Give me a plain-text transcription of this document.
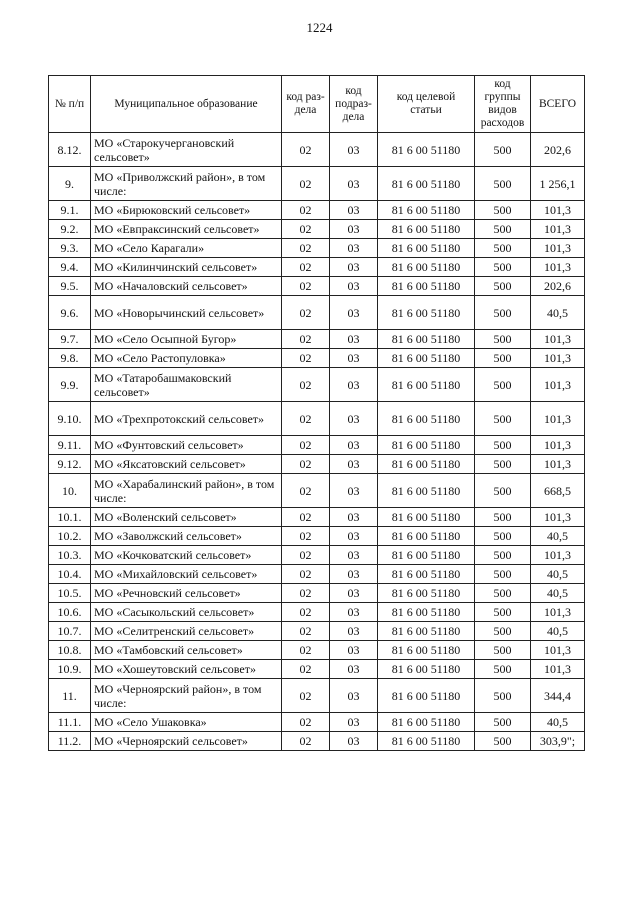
1224
№ п/п	Муниципальное образование	код раз-дела	код подраз-дела	код целевой статьи	код группы видов расходов	ВСЕГО
8.12.	МО «Старокучергановский сельсовет»	02	03	81 6 00 51180	500	202,6
9.	МО «Приволжский район», в том числе:	02	03	81 6 00 51180	500	1 256,1
9.1.	МО «Бирюковский сельсовет»	02	03	81 6 00 51180	500	101,3
9.2.	МО «Евпраксинский сельсовет»	02	03	81 6 00 51180	500	101,3
9.3.	МО «Село Карагали»	02	03	81 6 00 51180	500	101,3
9.4.	МО «Килинчинский сельсовет»	02	03	81 6 00 51180	500	101,3
9.5.	МО «Началовский сельсовет»	02	03	81 6 00 51180	500	202,6
9.6.	МО «Новорычинский сельсовет»	02	03	81 6 00 51180	500	40,5
9.7.	МО «Село Осыпной Бугор»	02	03	81 6 00 51180	500	101,3
9.8.	МО «Село Растопуловка»	02	03	81 6 00 51180	500	101,3
9.9.	МО «Татаробашмаковский сельсовет»	02	03	81 6 00 51180	500	101,3
9.10.	МО «Трехпротокский сельсовет»	02	03	81 6 00 51180	500	101,3
9.11.	МО «Фунтовский сельсовет»	02	03	81 6 00 51180	500	101,3
9.12.	МО «Яксатовский сельсовет»	02	03	81 6 00 51180	500	101,3
10.	МО «Харабалинский район», в том числе:	02	03	81 6 00 51180	500	668,5
10.1.	МО «Воленский сельсовет»	02	03	81 6 00 51180	500	101,3
10.2.	МО «Заволжский сельсовет»	02	03	81 6 00 51180	500	40,5
10.3.	МО «Кочковатский сельсовет»	02	03	81 6 00 51180	500	101,3
10.4.	МО «Михайловский сельсовет»	02	03	81 6 00 51180	500	40,5
10.5.	МО «Речновский сельсовет»	02	03	81 6 00 51180	500	40,5
10.6.	МО «Сасыкольский сельсовет»	02	03	81 6 00 51180	500	101,3
10.7.	МО «Селитренский сельсовет»	02	03	81 6 00 51180	500	40,5
10.8.	МО «Тамбовский сельсовет»	02	03	81 6 00 51180	500	101,3
10.9.	МО «Хошеутовский сельсовет»	02	03	81 6 00 51180	500	101,3
11.	МО «Черноярский район», в том числе:	02	03	81 6 00 51180	500	344,4
11.1.	МО «Село Ушаковка»	02	03	81 6 00 51180	500	40,5
11.2.	МО «Черноярский сельсовет»	02	03	81 6 00 51180	500	303,9";
